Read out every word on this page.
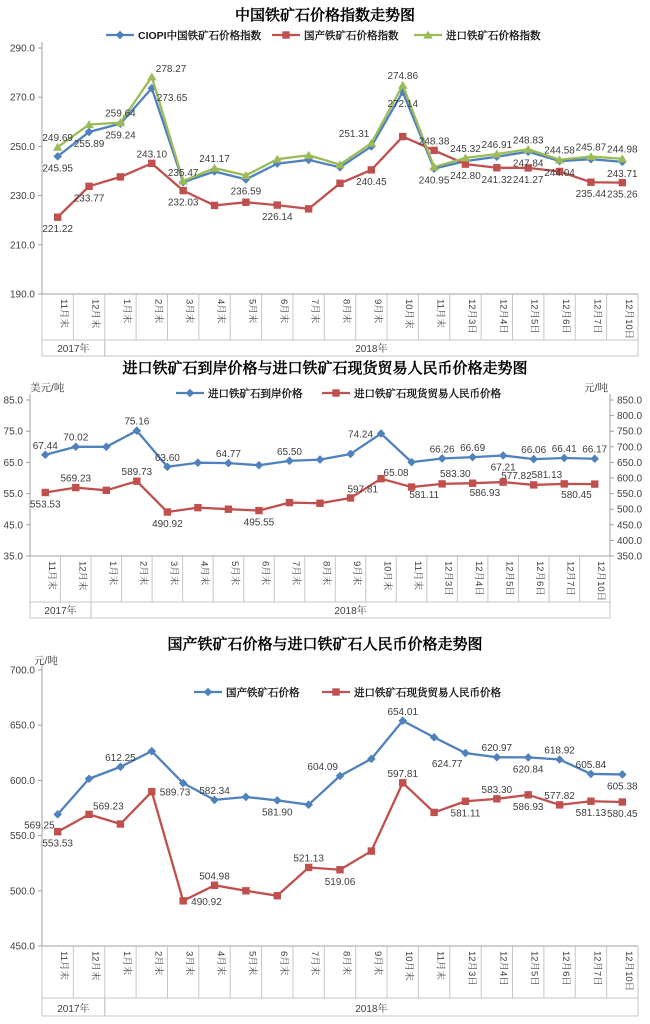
中国铁矿石价格指数走势图
290.0
270.0
250.0
230.0
210.0
190.0
2017年	2018年
11月末 12月末 1月末 2月末 3月末 4月末 5月末 6月末 7月末 8月末 9月末 10月末 11月末 12月3日 12月4日 12月5日 12月6日 12月7日 12月10日
245.95
255.89
259.24
273.65
235.47
236.59
272.14
240.95
247.84
244.04	243.71
221.22
233.77
243.10
232.03
226.14
240.45
248.38
242.80 241.32 241.27
235.44 235.26
249.69
259.64
278.27
241.17
251.31
274.86
245.32 246.91 248.83
244.58 245.87 244.98
CIOPI中国铁矿石价格指数	国产铁矿石价格指数	进口铁矿石价格指数
进口铁矿石到岸价格与进口铁矿石现货贸易人民币价格走势图
85.0
75.0
65.0
55.0
45.0
35.0
850.0
800.0
750.0
700.0
650.0
600.0
550.0
500.0
450.0
400.0
350.0
2017年	2018年
11月末 12月末 1月末 2月末 3月末 4月末 5月末 6月末 7月末 8月末 9月末 10月末 11月末 12月3日 12月4日 12月5日 12月6日 12月7日 12月10日
美元/吨	元/吨
67.44
70.02
75.16
63.60	64.77	65.50
74.24
65.08
66.26 66.69
67.21
66.06 66.41 66.17
553.53
569.23
589.73
490.92	495.55
597.81	581.11
583.30
586.93
577.82 581.13
580.45
进口铁矿石到岸价格	进口铁矿石现货贸易人民币价格
国产铁矿石价格与进口铁矿石人民币价格走势图
700.0
650.0
600.0
550.0
500.0
450.0
2017年	2018年
11月末 12月末 1月末 2月末 3月末 4月末 5月末 6月末 7月末 8月末 9月末 10月末 11月末 12月3日 12月4日 12月5日 12月6日 12月7日 12月10日
元/吨
569.25
612.25
582.34
581.90
604.09
654.01
624.77
620.97
620.84
618.92
605.84
605.38
553.53
569.23
589.73
490.92
504.98
521.13
519.06
597.81
581.11
583.30
586.93
577.82
581.13 580.45
国产铁矿石价格	进口铁矿石现货贸易人民币价格
